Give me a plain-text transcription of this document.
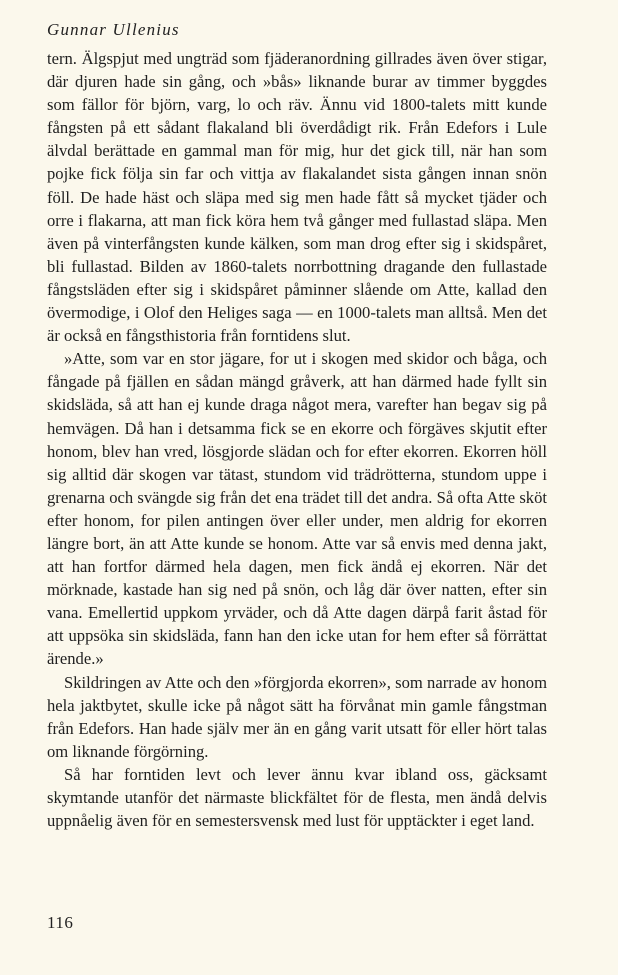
Gunnar Ullenius

tern. Älgspjut med ungträd som fjäderanordning gillrades även över stigar, där djuren hade sin gång, och »bås» liknande burar av timmer byggdes som fällor för björn, varg, lo och räv. Ännu vid 1800-talets mitt kunde fångsten på ett sådant flakaland bli överdådigt rik. Från Edefors i Lule älvdal berättade en gammal man för mig, hur det gick till, när han som pojke fick följa sin far och vittja av flakalandet sista gången innan snön föll. De hade häst och släpa med sig men hade fått så mycket tjäder och orre i flakarna, att man fick köra hem två gånger med fullastad släpa. Men även på vinterfångsten kunde kälken, som man drog efter sig i skidspåret, bli fullastad. Bilden av 1860-talets norrbottning dragande den fullastade fångstsläden efter sig i skidspåret påminner slående om Atte, kallad den övermodige, i Olof den Heliges saga — en 1000-talets man alltså. Men det är också en fångsthistoria från forntidens slut.

»Atte, som var en stor jägare, for ut i skogen med skidor och båga, och fångade på fjällen en sådan mängd gråverk, att han därmed hade fyllt sin skidsläda, så att han ej kunde draga något mera, varefter han begav sig på hemvägen. Då han i detsamma fick se en ekorre och förgäves skjutit efter honom, blev han vred, lösgjorde slädan och for efter ekorren. Ekorren höll sig alltid där skogen var tätast, stundom vid trädrötterna, stundom uppe i grenarna och svängde sig från det ena trädet till det andra. Så ofta Atte sköt efter honom, for pilen antingen över eller under, men aldrig for ekorren längre bort, än att Atte kunde se honom. Atte var så envis med denna jakt, att han fortfor därmed hela dagen, men fick ändå ej ekorren. När det mörknade, kastade han sig ned på snön, och låg där över natten, efter sin vana. Emellertid uppkom yrväder, och då Atte dagen därpå farit åstad för att uppsöka sin skidsläda, fann han den icke utan for hem efter så förrättat ärende.»

Skildringen av Atte och den »förgjorda ekorren», som narrade av honom hela jaktbytet, skulle icke på något sätt ha förvånat min gamle fångstman från Edefors. Han hade själv mer än en gång varit utsatt för eller hört talas om liknande förgörning.

Så har forntiden levt och lever ännu kvar ibland oss, gäcksamt skymtande utanför det närmaste blickfältet för de flesta, men ändå delvis uppnåelig även för en semestersvensk med lust för upptäckter i eget land.

116
